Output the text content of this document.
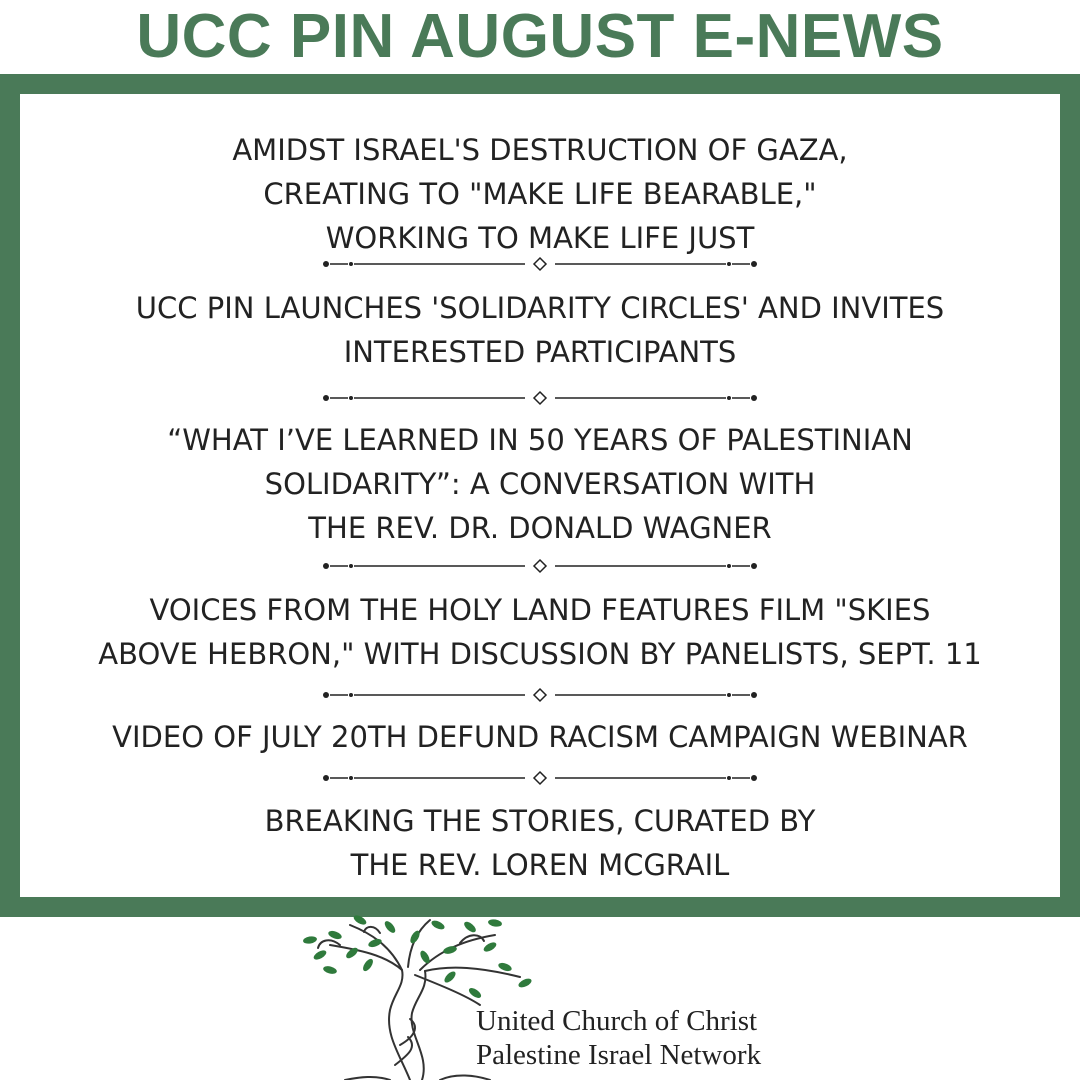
UCC PIN AUGUST E-NEWS
AMIDST ISRAEL'S DESTRUCTION OF GAZA,
CREATING TO "MAKE LIFE BEARABLE,"
WORKING TO MAKE LIFE JUST
UCC PIN LAUNCHES 'SOLIDARITY CIRCLES' AND INVITES
INTERESTED PARTICIPANTS
“WHAT I’VE LEARNED IN 50 YEARS OF PALESTINIAN
SOLIDARITY”: A CONVERSATION WITH
THE REV. DR. DONALD WAGNER
VOICES FROM THE HOLY LAND FEATURES FILM "SKIES
ABOVE HEBRON," WITH DISCUSSION BY PANELISTS, SEPT. 11
VIDEO OF JULY 20TH DEFUND RACISM CAMPAIGN WEBINAR
BREAKING THE STORIES, CURATED BY
THE REV. LOREN MCGRAIL
United Church of Christ
Palestine Israel Network
